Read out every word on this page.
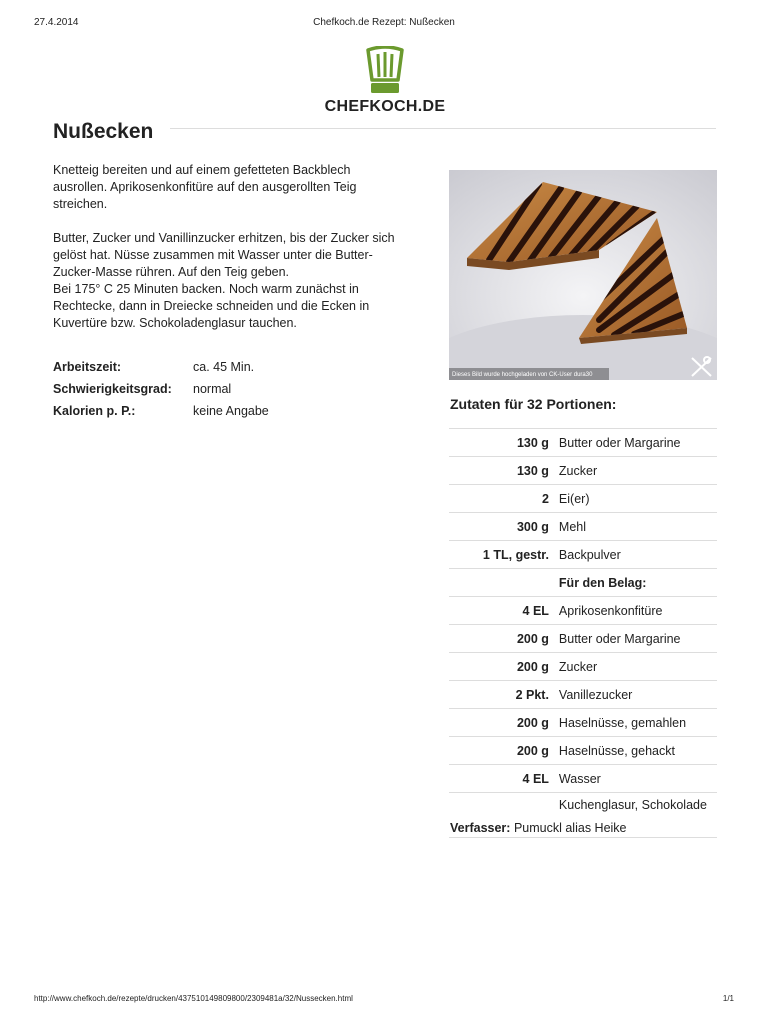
27.4.2014	Chefkoch.de Rezept: Nußecken
CHEFKOCH.DE
Nußecken

Knetteig bereiten und auf einem gefetteten Backblech ausrollen. Aprikosenkonfitüre auf den ausgerollten Teig streichen.

Butter, Zucker und Vanillinzucker erhitzen, bis der Zucker sich gelöst hat. Nüsse zusammen mit Wasser unter die Butter-Zucker-Masse rühren. Auf den Teig geben.
Bei 175° C 25 Minuten backen. Noch warm zunächst in Rechtecke, dann in Dreiecke schneiden und die Ecken in Kuvertüre bzw. Schokoladenglasur tauchen.

Arbeitszeit:	ca. 45 Min.
Schwierigkeitsgrad:	normal
Kalorien p. P.:	keine Angabe
Dieses Bild wurde hochgeladen von CK-User dura30
Zutaten für 32 Portionen:
130 g	Butter oder Margarine
130 g	Zucker
2	Ei(er)
300 g	Mehl
1 TL, gestr.	Backpulver
	Für den Belag:
4 EL	Aprikosenkonfitüre
200 g	Butter oder Margarine
200 g	Zucker
2 Pkt.	Vanillezucker
200 g	Haselnüsse, gemahlen
200 g	Haselnüsse, gehackt
4 EL	Wasser
	Kuchenglasur, Schokolade
Verfasser: Pumuckl alias Heike
http://www.chefkoch.de/rezepte/drucken/437510149809800/2309481a/32/Nussecken.html	1/1
